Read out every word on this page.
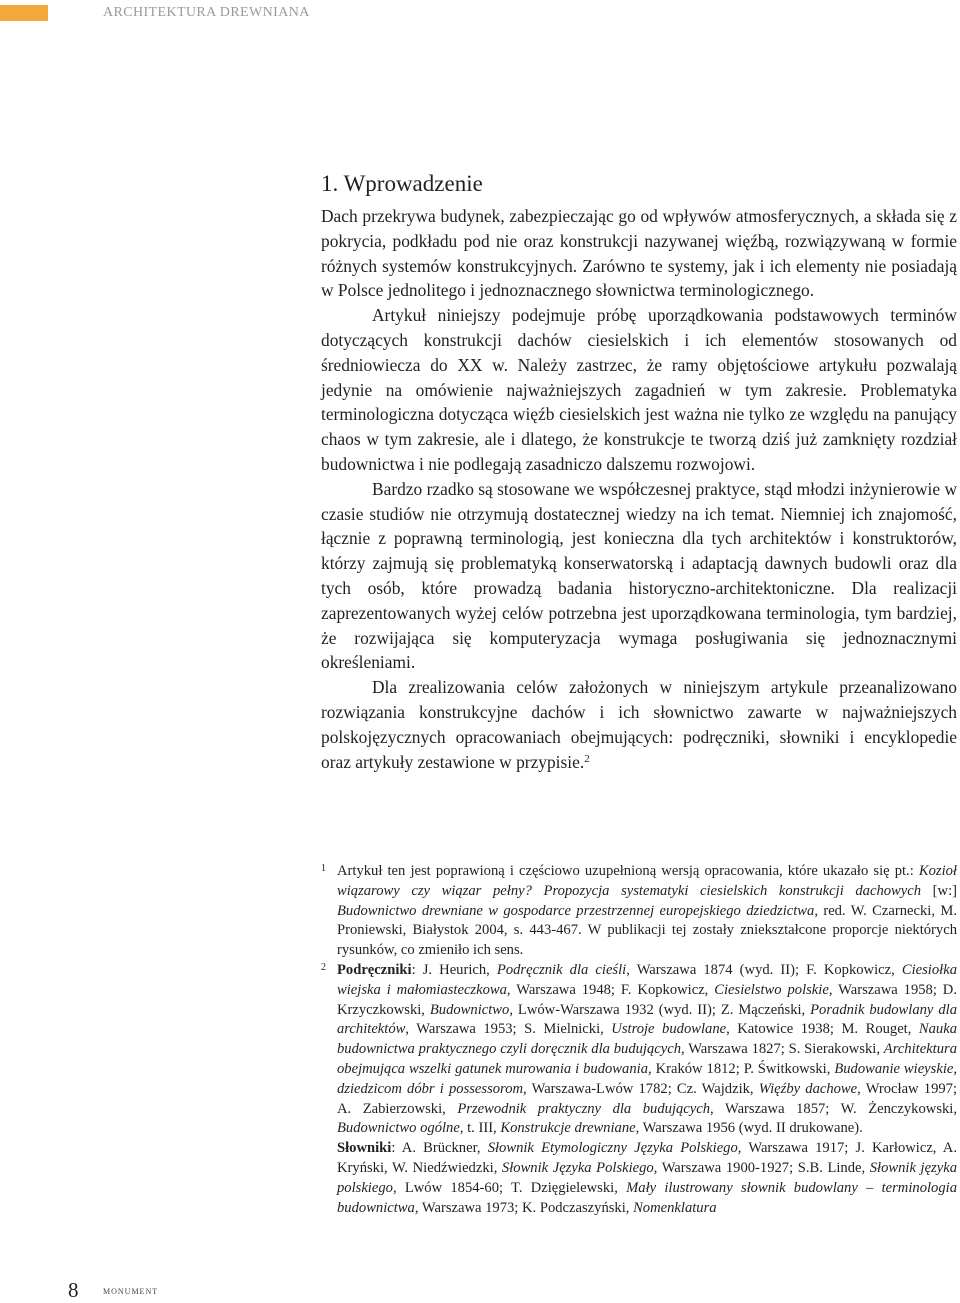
ARCHITEKTURA DREWNIANA
1. Wprowadzenie

Dach przekrywa budynek, zabezpieczając go od wpływów atmosferycznych, a składa się z pokrycia, podkładu pod nie oraz konstrukcji nazywanej więźbą, rozwiązywaną w formie różnych systemów konstrukcyjnych. Zarówno te systemy, jak i ich elementy nie posiadają w Polsce jednolitego i jednoznacznego słownictwa terminologicznego.

Artykuł niniejszy podejmuje próbę uporządkowania podstawowych terminów dotyczących konstrukcji dachów ciesielskich i ich elementów stosowanych od średniowiecza do XX w. Należy zastrzec, że ramy objętościowe artykułu pozwalają jedynie na omówienie najważniejszych zagadnień w tym zakresie. Problematyka terminologiczna dotycząca więźb ciesielskich jest ważna nie tylko ze względu na panujący chaos w tym zakresie, ale i dlatego, że konstrukcje te tworzą dziś już zamknięty rozdział budownictwa i nie podlegają zasadniczo dalszemu rozwojowi.

Bardzo rzadko są stosowane we współczesnej praktyce, stąd młodzi inżynierowie w czasie studiów nie otrzymują dostatecznej wiedzy na ich temat. Niemniej ich znajomość, łącznie z poprawną terminologią, jest konieczna dla tych architektów i konstruktorów, którzy zajmują się problematyką konserwatorską i adaptacją dawnych budowli oraz dla tych osób, które prowadzą badania historyczno-architektoniczne. Dla realizacji zaprezentowanych wyżej celów potrzebna jest uporządkowana terminologia, tym bardziej, że rozwijająca się komputeryzacja wymaga posługiwania się jednoznacznymi określeniami.

Dla zrealizowania celów założonych w niniejszym artykule przeanalizowano rozwiązania konstrukcyjne dachów i ich słownictwo zawarte w najważniejszych polskojęzycznych opracowaniach obejmujących: podręczniki, słowniki i encyklopedie oraz artykuły zestawione w przypisie.$^2$

1 Artykuł ten jest poprawioną i częściowo uzupełnioną wersją opracowania, które ukazało się pt.: Kozioł wiązarowy czy wiązar pełny? Propozycja systematyki ciesielskich konstrukcji dachowych [w:] Budownictwo drewniane w gospodarce przestrzennej europejskiego dziedzictwa, red. W. Czarnecki, M. Proniewski, Białystok 2004, s. 443-467. W publikacji tej zostały zniekształcone proporcje niektórych rysunków, co zmieniło ich sens.

2 Podręczniki: J. Heurich, Podręcznik dla cieśli, Warszawa 1874 (wyd. II); F. Kopkowicz, Ciesiołka wiejska i małomiasteczkowa, Warszawa 1948; F. Kopkowicz, Ciesielstwo polskie, Warszawa 1958; D. Krzyczkowski, Budownictwo, Lwów-Warszawa 1932 (wyd. II); Z. Mączeński, Poradnik budowlany dla architektów, Warszawa 1953; S. Mielnicki, Ustroje budowlane, Katowice 1938; M. Rouget, Nauka budownictwa praktycznego czyli doręcznik dla budujących, Warszawa 1827; S. Sierakowski, Architektura obejmująca wszelki gatunek murowania i budowania, Kraków 1812; P. Świtkowski, Budowanie wieyskie, dziedzicom dóbr i possessorom, Warszawa-Lwów 1782; Cz. Wajdzik, Więźby dachowe, Wrocław 1997; A. Zabierzowski, Przewodnik praktyczny dla budujących, Warszawa 1857; W. Żenczykowski, Budownictwo ogólne, t. III, Konstrukcje drewniane, Warszawa 1956 (wyd. II drukowane).

Słowniki: A. Brückner, Słownik Etymologiczny Języka Polskiego, Warszawa 1917; J. Karłowicz, A. Kryński, W. Niedźwiedzki, Słownik Języka Polskiego, Warszawa 1900-1927; S.B. Linde, Słownik języka polskiego, Lwów 1854-60; T. Dzięgielewski, Mały ilustrowany słownik budowlany – terminologia budownictwa, Warszawa 1973; K. Podczaszyński, Nomenklatura

8 monument
